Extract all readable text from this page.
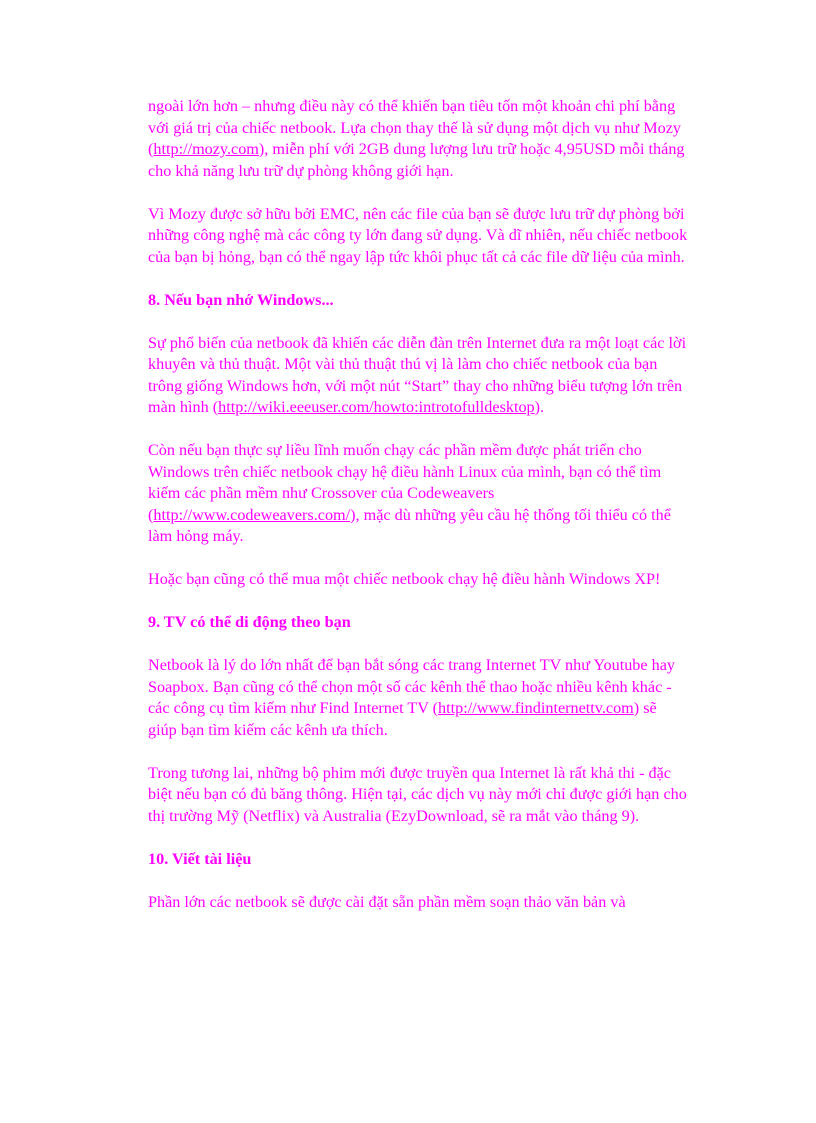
ngoài lớn hơn – nhưng điều này có thể khiến bạn tiêu tốn một khoản chi phí bằng với giá trị của chiếc netbook. Lựa chọn thay thế là sử dụng một dịch vụ như Mozy (http://mozy.com), miễn phí với 2GB dung lượng lưu trữ hoặc 4,95USD mỗi tháng cho khả năng lưu trữ dự phòng không giới hạn.

Vì Mozy được sở hữu bởi EMC, nên các file của bạn sẽ được lưu trữ dự phòng bởi những công nghệ mà các công ty lớn đang sử dụng. Và dĩ nhiên, nếu chiếc netbook của bạn bị hỏng, bạn có thể ngay lập tức khôi phục tất cả các file dữ liệu của mình.

8. Nếu bạn nhớ Windows...

Sự phổ biến của netbook đã khiến các diễn đàn trên Internet đưa ra một loạt các lời khuyên và thủ thuật. Một vài thủ thuật thú vị là làm cho chiếc netbook của bạn trông giống Windows hơn, với một nút “Start” thay cho những biểu tượng lớn trên màn hình (http://wiki.eeeuser.com/howto:introtofulldesktop).

Còn nếu bạn thực sự liều lĩnh muốn chạy các phần mềm được phát triển cho Windows trên chiếc netbook chạy hệ điều hành Linux của mình, bạn có thể tìm kiếm các phần mềm như Crossover của Codeweavers (http://www.codeweavers.com/), mặc dù những yêu cầu hệ thống tối thiểu có thể làm hỏng máy.

Hoặc bạn cũng có thể mua một chiếc netbook chạy hệ điều hành Windows XP!

9. TV có thể di động theo bạn

Netbook là lý do lớn nhất để bạn bắt sóng các trang Internet TV như Youtube hay Soapbox. Bạn cũng có thể chọn một số các kênh thể thao hoặc nhiều kênh khác - các công cụ tìm kiếm như Find Internet TV (http://www.findinternettv.com) sẽ giúp bạn tìm kiếm các kênh ưa thích.

Trong tương lai, những bộ phim mới được truyền qua Internet là rất khả thi - đặc biệt nếu bạn có đủ băng thông. Hiện tại, các dịch vụ này mới chỉ được giới hạn cho thị trường Mỹ (Netflix) và Australia (EzyDownload, sẽ ra mắt vào tháng 9).

10. Viết tài liệu

Phần lớn các netbook sẽ được cài đặt sẵn phần mềm soạn thảo văn bản và
